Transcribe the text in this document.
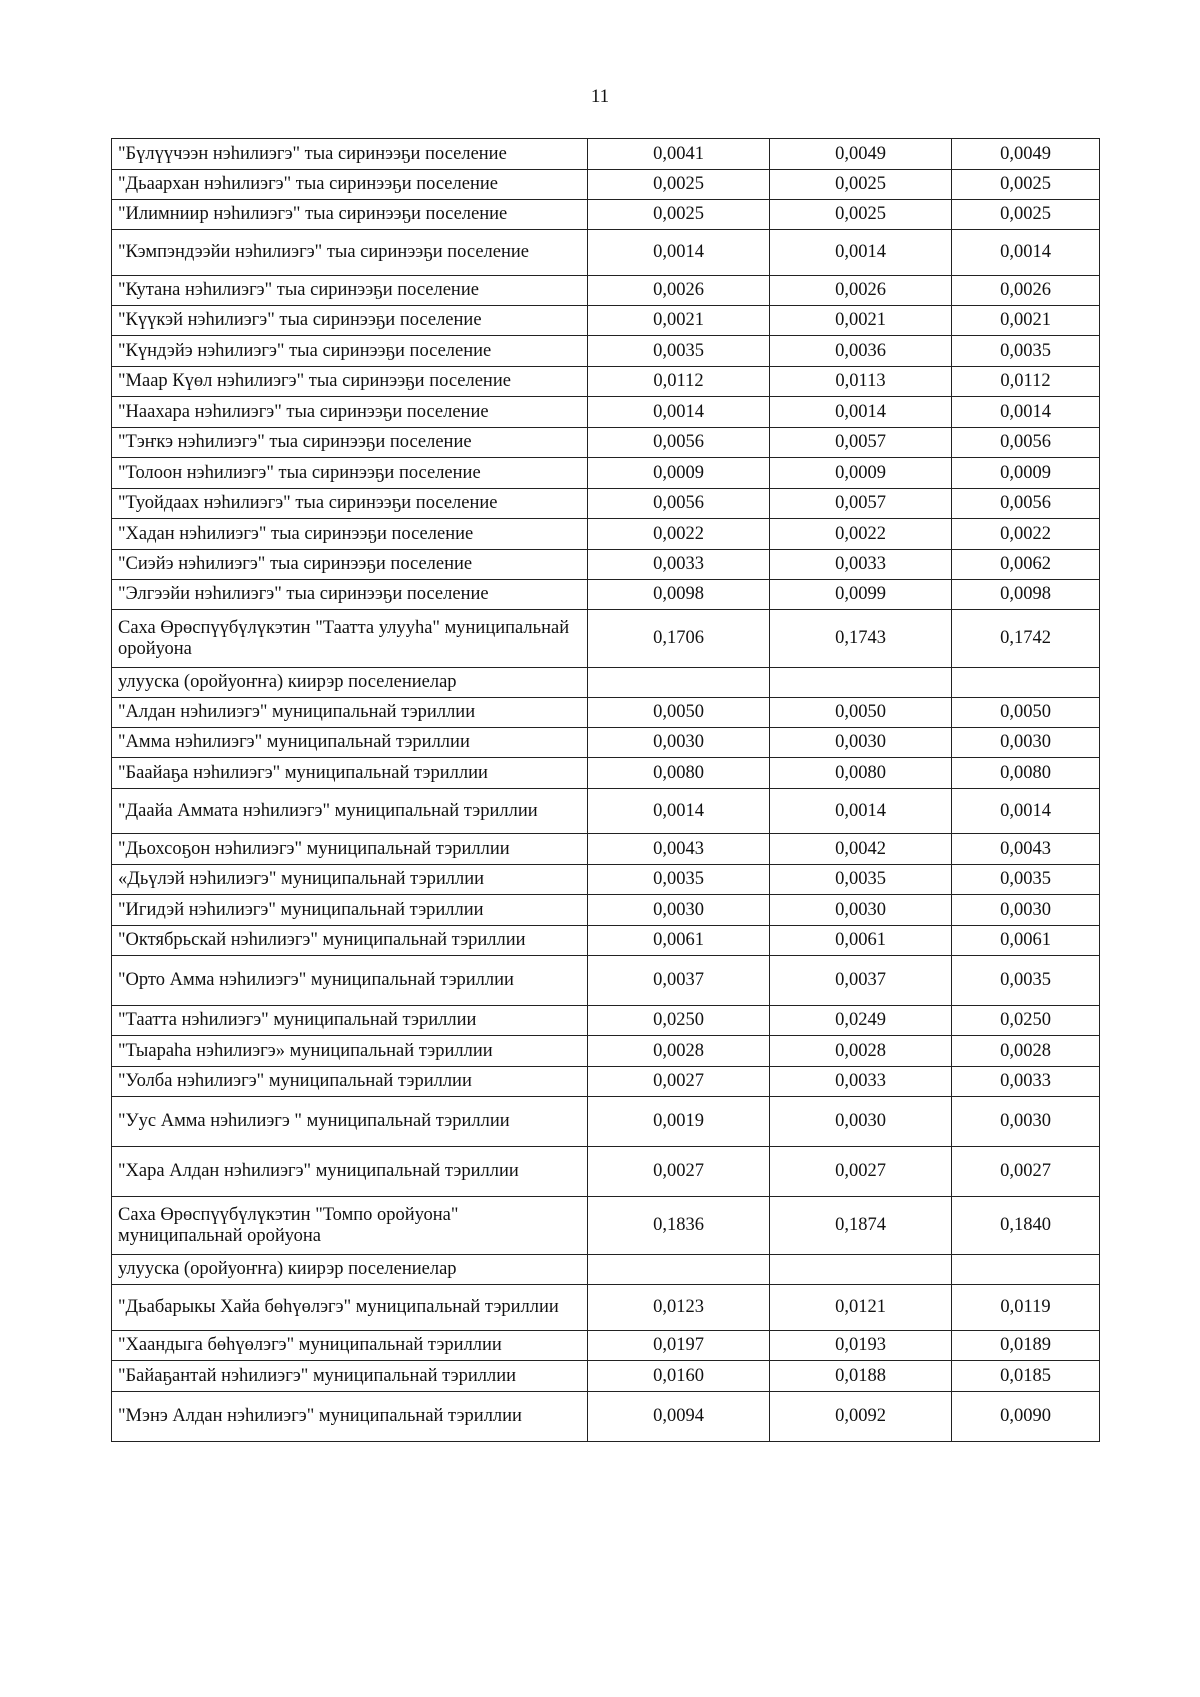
11
"Бүлүүчээн нэһилиэгэ" тыа сиринээҕи поселение	0,0041	0,0049	0,0049
"Дьаархан нэһилиэгэ" тыа сиринээҕи поселение	0,0025	0,0025	0,0025
"Илимниир нэһилиэгэ" тыа сиринээҕи поселение	0,0025	0,0025	0,0025
"Кэмпэндээйи нэһилиэгэ" тыа сиринээҕи поселение	0,0014	0,0014	0,0014
"Кутана нэһилиэгэ" тыа сиринээҕи поселение	0,0026	0,0026	0,0026
"Күүкэй нэһилиэгэ" тыа сиринээҕи поселение	0,0021	0,0021	0,0021
"Күндэйэ нэһилиэгэ" тыа сиринээҕи поселение	0,0035	0,0036	0,0035
"Маар Күөл нэһилиэгэ" тыа сиринээҕи поселение	0,0112	0,0113	0,0112
"Наахара нэһилиэгэ" тыа сиринээҕи поселение	0,0014	0,0014	0,0014
"Тэҥкэ нэһилиэгэ" тыа сиринээҕи поселение	0,0056	0,0057	0,0056
"Толоон нэһилиэгэ" тыа сиринээҕи поселение	0,0009	0,0009	0,0009
"Туойдаах нэһилиэгэ" тыа сиринээҕи поселение	0,0056	0,0057	0,0056
"Хадан нэһилиэгэ" тыа сиринээҕи поселение	0,0022	0,0022	0,0022
"Сиэйэ нэһилиэгэ" тыа сиринээҕи поселение	0,0033	0,0033	0,0062
"Элгээйи нэһилиэгэ" тыа сиринээҕи поселение	0,0098	0,0099	0,0098
Саха Өрөспүүбүлүкэтин "Таатта улууһа" муниципальнай оройуона	0,1706	0,1743	0,1742
улууска (оройуоҥҥа) киирэр поселениелар			
"Алдан нэһилиэгэ" муниципальнай тэриллии	0,0050	0,0050	0,0050
"Амма нэһилиэгэ" муниципальнай тэриллии	0,0030	0,0030	0,0030
"Баайаҕа нэһилиэгэ" муниципальнай тэриллии	0,0080	0,0080	0,0080
"Даайа Аммата нэһилиэгэ" муниципальнай тэриллии	0,0014	0,0014	0,0014
"Дьохсоҕон нэһилиэгэ" муниципальнай тэриллии	0,0043	0,0042	0,0043
«Дьүлэй нэһилиэгэ" муниципальнай тэриллии	0,0035	0,0035	0,0035
"Игидэй нэһилиэгэ" муниципальнай тэриллии	0,0030	0,0030	0,0030
"Октябрьскай нэһилиэгэ" муниципальнай тэриллии	0,0061	0,0061	0,0061
"Орто Амма нэһилиэгэ" муниципальнай тэриллии	0,0037	0,0037	0,0035
"Таатта нэһилиэгэ" муниципальнай тэриллии	0,0250	0,0249	0,0250
"Тыараһа нэһилиэгэ» муниципальнай тэриллии	0,0028	0,0028	0,0028
"Уолба нэһилиэгэ" муниципальнай тэриллии	0,0027	0,0033	0,0033
"Уус Амма нэһилиэгэ " муниципальнай тэриллии	0,0019	0,0030	0,0030
"Хара Алдан нэһилиэгэ" муниципальнай тэриллии	0,0027	0,0027	0,0027
Саха Өрөспүүбүлүкэтин "Томпо оройуона" муниципальнай оройуона	0,1836	0,1874	0,1840
улууска (оройуоҥҥа) киирэр поселениелар			
"Дьабарыкы Хайа бөһүөлэгэ" муниципальнай тэриллии	0,0123	0,0121	0,0119
"Хаандыга бөһүөлэгэ" муниципальнай тэриллии	0,0197	0,0193	0,0189
"Байаҕантай нэһилиэгэ" муниципальнай тэриллии	0,0160	0,0188	0,0185
"Мэнэ Алдан нэһилиэгэ" муниципальнай тэриллии	0,0094	0,0092	0,0090
